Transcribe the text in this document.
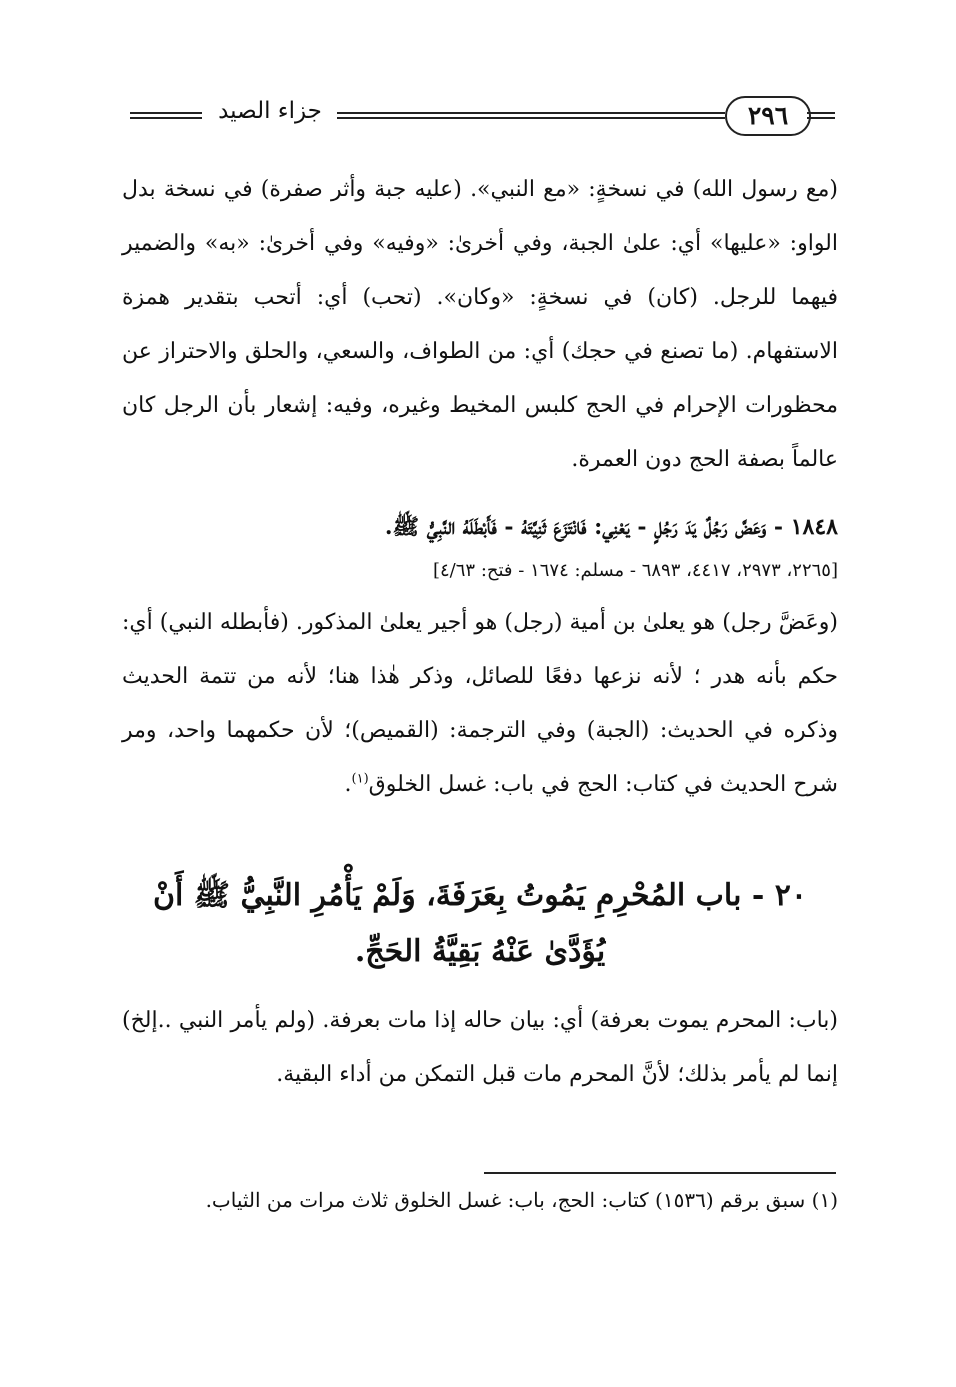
جزاء الصيد	٢٩٦

(مع رسول الله) في نسخةٍ: «مع النبي». (عليه جبة وأثر صفرة) في نسخة بدل الواو: «عليها» أي: علىٰ الجبة، وفي أخرىٰ: «وفيه» وفي أخرىٰ: «به» والضمير فيهما للرجل. (كان) في نسخةٍ: «وكان». (تحب) أي: أتحب بتقدير همزة الاستفهام. (ما تصنع في حجك) أي: من الطواف، والسعي، والحلق والاحتراز عن محظورات الإحرام في الحج كلبس المخيط وغيره، وفيه: إشعار بأن الرجل كان عالماً بصفة الحج دون العمرة.

١٨٤٨ - وَعَضَّ رَجُلٌ يَدَ رَجُلٍ - يَعْنِي: فَانْتَزَعَ ثَنِيَّتَهُ - فَأَبْطَلَهُ النَّبِيُّ ﷺ.

[٢٢٦٥، ٢٩٧٣، ٤٤١٧، ٦٨٩٣ - مسلم: ١٦٧٤ - فتح: ٤/٦٣]

(وعَضَّ رجل) هو يعلىٰ بن أمية (رجل) هو أجير يعلىٰ المذكور. (فأبطله النبي) أي: حكم بأنه هدر ؛ لأنه نزعها دفعًا للصائل، وذكر هٰذا هنا؛ لأنه من تتمة الحديث وذكره في الحديث: (الجبة) وفي الترجمة: (القميص)؛ لأن حكمهما واحد، ومر شرح الحديث في كتاب: الحج في باب: غسل الخلوق$^{(١)}$.

٢٠ - باب المُحْرِمِ يَمُوتُ بِعَرَفَةَ، وَلَمْ يَأْمُرِ النَّبِيُّ ﷺ أَنْ يُؤَدَّىٰ عَنْهُ بَقِيَّةُ الحَجِّ.

(باب: المحرم يموت بعرفة) أي: بيان حاله إذا مات بعرفة. (ولم يأمر النبي ..إلخ) إنما لم يأمر بذلك؛ لأنَّ المحرم مات قبل التمكن من أداء البقية.

(١) سبق برقم (١٥٣٦) كتاب: الحج، باب: غسل الخلوق ثلاث مرات من الثياب.
